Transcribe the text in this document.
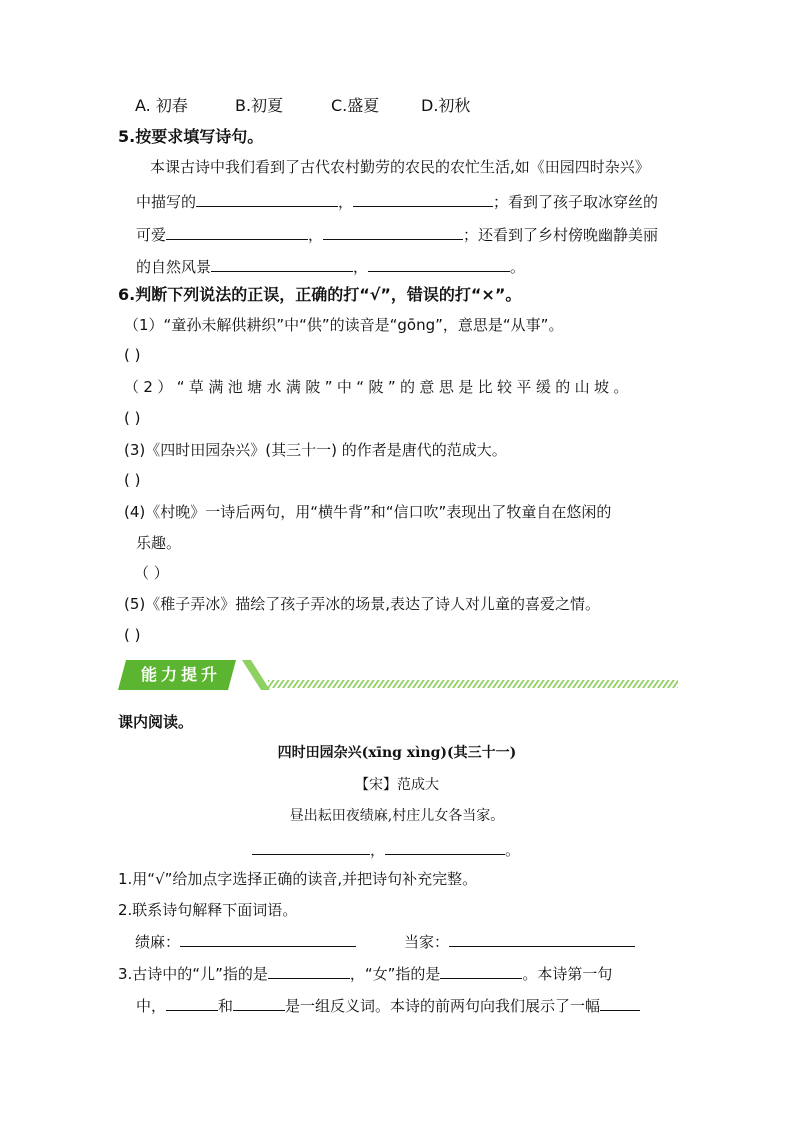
A. 初春	B.初夏	C.盛夏	D.初秋
5.按要求填写诗句。
本课古诗中我们看到了古代农村勤劳的农民的农忙生活,如《田园四时杂兴》
中描写的	，	；看到了孩子取冰穿丝的
可爱	，	；还看到了乡村傍晚幽静美丽
的自然风景	，	。
6.判断下列说法的正误，正确的打“√”，错误的打“×”。
（1）“童孙未解供耕织”中“供”的读音是“gōng”，意思是“从事”。
( )
（2）“草满池塘水满陂”中“陂”的意思是比较平缓的山坡。
( )
(3)《四时田园杂兴》(其三十一) 的作者是唐代的范成大。
( )
(4)《村晚》一诗后两句，用“横牛背”和“信口吹”表现出了牧童自在悠闲的
乐趣。
（ ）
(5)《稚子弄冰》描绘了孩子弄冰的场景,表达了诗人对儿童的喜爱之情。
( )
能力提升
课内阅读。
四时田园杂兴(xīng xìng)(其三十一)
【宋】范成大
昼出耘田夜绩麻,村庄儿女各当家。
，	。
1.用“√”给加点字选择正确的读音,并把诗句补充完整。
2.联系诗句解释下面词语。
绩麻：	当家：
3.古诗中的“儿”指的是	，“女”指的是	。本诗第一句
中，	和	是一组反义词。本诗的前两句向我们展示了一幅
